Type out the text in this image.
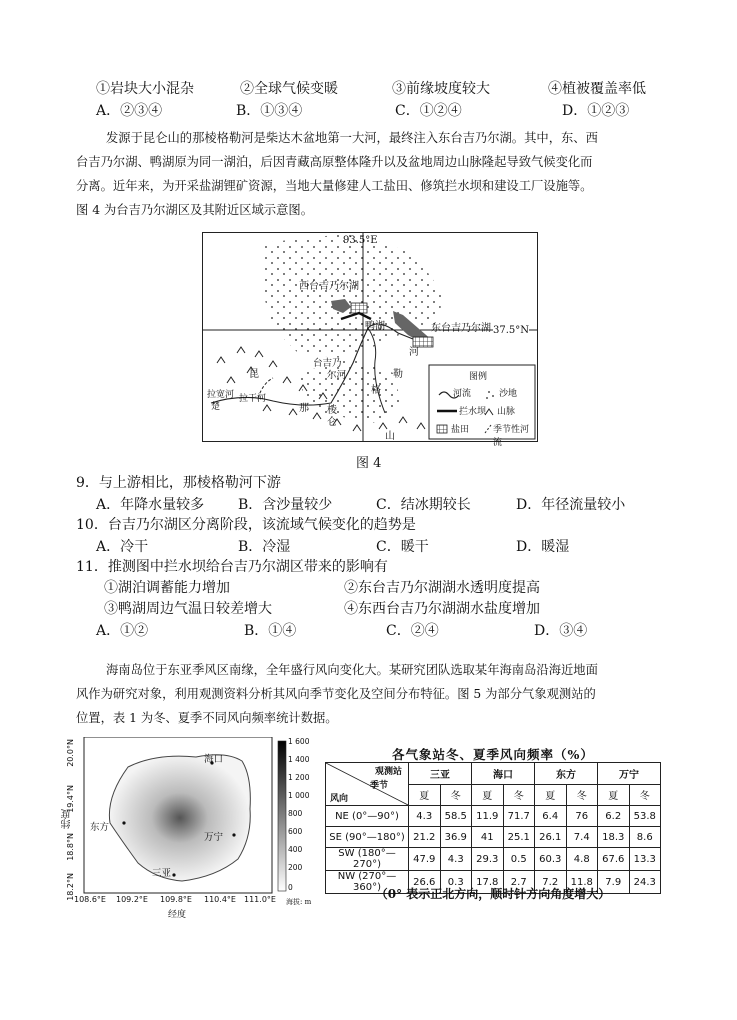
①岩块大小混杂	②全球气候变暖	③前缘坡度较大	④植被覆盖率低
A．②③④	B．①③④	C．①②④	D．①②③
发源于昆仑山的那棱格勒河是柴达木盆地第一大河，最终注入东台吉乃尔湖。其中，东、西
台吉乃尔湖、鸭湖原为同一湖泊，后因青藏高原整体隆升以及盆地周边山脉隆起导致气候变化而
分离。近年来，为开采盐湖锂矿资源，当地大量修建人工盐田、修筑拦水坝和建设工厂设施等。
图 4 为台吉乃尔湖区及其附近区域示意图。
93.5°E
37.5°N
西台吉乃尔湖
东台吉乃尔湖
鸭湖
河
勒
格
台吉乃
尔河
昆
那 棱
仑
山
拉宽河
楚
拉干河
图例
河流	沙地
拦水坝 山脉
盐田	季节性河流
图 4
9．与上游相比，那棱格勒河下游
A．年降水量较多 B．含沙量较少	C．结冰期较长	D．年径流量较小
10．台吉乃尔湖区分离阶段，该流域气候变化的趋势是
A．冷干	B．冷湿	C．暖干	D．暖湿
11．推测图中拦水坝给台吉乃尔湖区带来的影响有
①湖泊调蓄能力增加	②东台吉乃尔湖湖水透明度提高
③鸭湖周边气温日较差增大	④东西台吉乃尔湖湖水盐度增加
A．①②	B．①④	C．②④	D．③④
海南岛位于东亚季风区南缘，全年盛行风向变化大。某研究团队选取某年海南岛沿海近地面
风作为研究对象，利用观测资料分析其风向季节变化及空间分布特征。图 5 为部分气象观测站的
位置，表 1 为冬、夏季不同风向频率统计数据。
20.0°N
19.4°N
18.8°N
18.2°N
纬度
108.6°E 109.2°E 109.8°E 110.4°E 111.0°E
经度
海口
东方
万宁
三亚
1 600
1 400
1 200
1 000
800
600
400
200
0
海拔: m
各气象站冬、夏季风向频率（%）
观测站
季节
风向	三亚		海口		东方		万宁	
	夏	冬	夏	冬	夏	冬	夏	冬
NE (0°—90°)	4.3	58.5	11.9	71.7	6.4	76	6.2	53.8
SE (90°—180°)	21.2	36.9	41	25.1	26.1	7.4	18.3	8.6
SW (180°—270°)	47.9	4.3	29.3	0.5	60.3	4.8	67.6	13.3
NW (270°—360°)	26.6	0.3	17.8	2.7	7.2	11.8	7.9	24.3
（0° 表示正北方向，顺时针方向角度增大）
